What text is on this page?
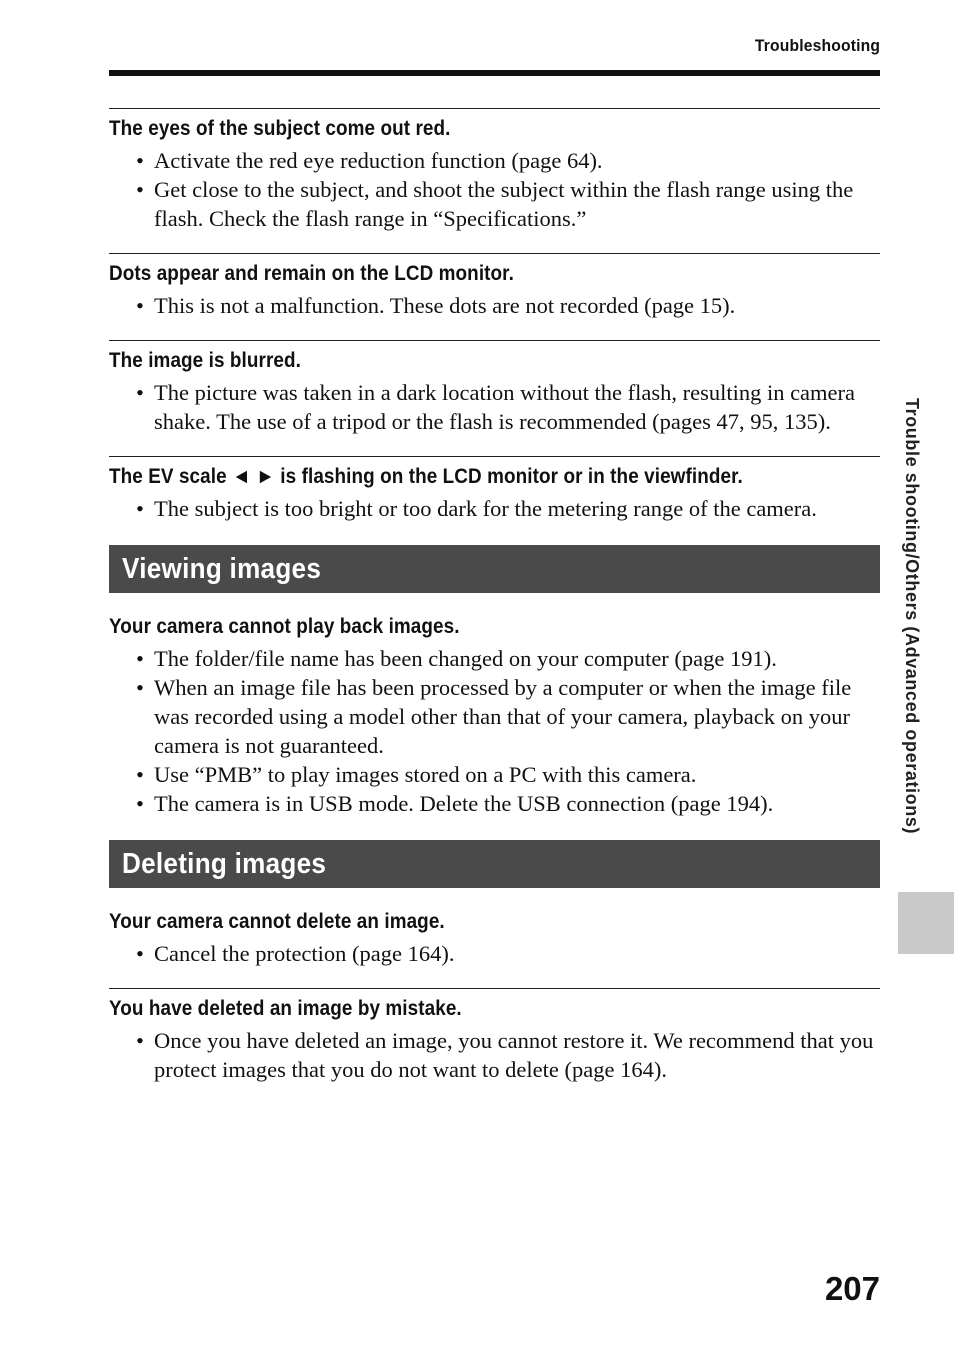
Troubleshooting
The eyes of the subject come out red.
• Activate the red eye reduction function (page 64).
• Get close to the subject, and shoot the subject within the flash range using the flash. Check the flash range in “Specifications.”
Dots appear and remain on the LCD monitor.
• This is not a malfunction. These dots are not recorded (page 15).
The image is blurred.
• The picture was taken in a dark location without the flash, resulting in camera shake. The use of a tripod or the flash is recommended (pages 47, 95, 135).
The EV scale ◄ ► is flashing on the LCD monitor or in the viewfinder.
• The subject is too bright or too dark for the metering range of the camera.
Viewing images
Your camera cannot play back images.
• The folder/file name has been changed on your computer (page 191).
• When an image file has been processed by a computer or when the image file was recorded using a model other than that of your camera, playback on your camera is not guaranteed.
• Use “PMB” to play images stored on a PC with this camera.
• The camera is in USB mode. Delete the USB connection (page 194).
Deleting images
Your camera cannot delete an image.
• Cancel the protection (page 164).
You have deleted an image by mistake.
• Once you have deleted an image, you cannot restore it. We recommend that you protect images that you do not want to delete (page 164).
Trouble shooting/Others (Advanced operations)
207
